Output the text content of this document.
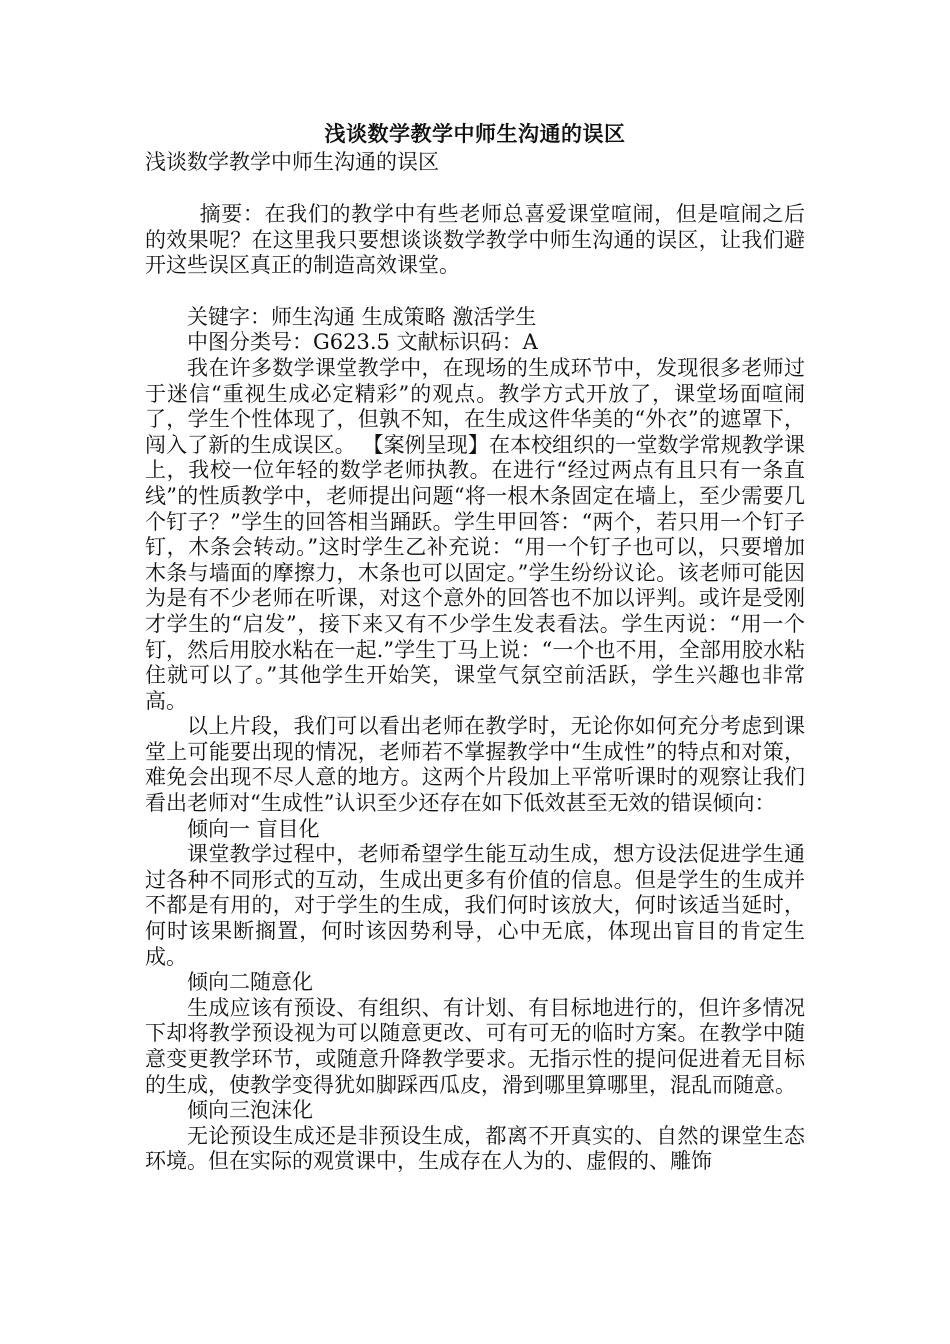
浅谈数学教学中师生沟通的误区
浅谈数学教学中师生沟通的误区

摘要：在我们的教学中有些老师总喜爱课堂喧闹，但是喧闹之后的效果呢？在这里我只要想谈谈数学教学中师生沟通的误区，让我们避开这些误区真正的制造高效课堂。

关键字：师生沟通 生成策略 激活学生

中图分类号：G623.5 文献标识码：A

我在许多数学课堂教学中，在现场的生成环节中，发现很多老师过于迷信“重视生成必定精彩”的观点。教学方式开放了，课堂场面喧闹了，学生个性体现了，但孰不知，在生成这件华美的“外衣”的遮罩下，闯入了新的生成误区。 【案例呈现】在本校组织的一堂数学常规教学课上，我校一位年轻的数学老师执教。在进行“经过两点有且只有一条直线”的性质教学中，老师提出问题“将一根木条固定在墙上，至少需要几个钉子？”学生的回答相当踊跃。学生甲回答：“两个，若只用一个钉子钉，木条会转动。”这时学生乙补充说：“用一个钉子也可以，只要增加木条与墙面的摩擦力，木条也可以固定。”学生纷纷议论。该老师可能因为是有不少老师在听课，对这个意外的回答也不加以评判。或许是受刚才学生的“启发”，接下来又有不少学生发表看法。学生丙说：“用一个钉，然后用胶水粘在一起.”学生丁马上说：“一个也不用，全部用胶水粘住就可以了。”其他学生开始笑，课堂气氛空前活跃，学生兴趣也非常高。

以上片段，我们可以看出老师在教学时，无论你如何充分考虑到课堂上可能要出现的情况，老师若不掌握教学中“生成性”的特点和对策，难免会出现不尽人意的地方。这两个片段加上平常听课时的观察让我们看出老师对“生成性”认识至少还存在如下低效甚至无效的错误倾向：

倾向一 盲目化

课堂教学过程中，老师希望学生能互动生成，想方设法促进学生通过各种不同形式的互动，生成出更多有价值的信息。但是学生的生成并不都是有用的，对于学生的生成，我们何时该放大，何时该适当延时，何时该果断搁置，何时该因势利导，心中无底，体现出盲目的肯定生成。

倾向二随意化

生成应该有预设、有组织、有计划、有目标地进行的，但许多情况下却将教学预设视为可以随意更改、可有可无的临时方案。在教学中随意变更教学环节，或随意升降教学要求。无指示性的提问促进着无目标的生成，使教学变得犹如脚踩西瓜皮，滑到哪里算哪里，混乱而随意。

倾向三泡沫化

无论预设生成还是非预设生成，都离不开真实的、自然的课堂生态环境。但在实际的观赏课中，生成存在人为的、虚假的、雕饰
